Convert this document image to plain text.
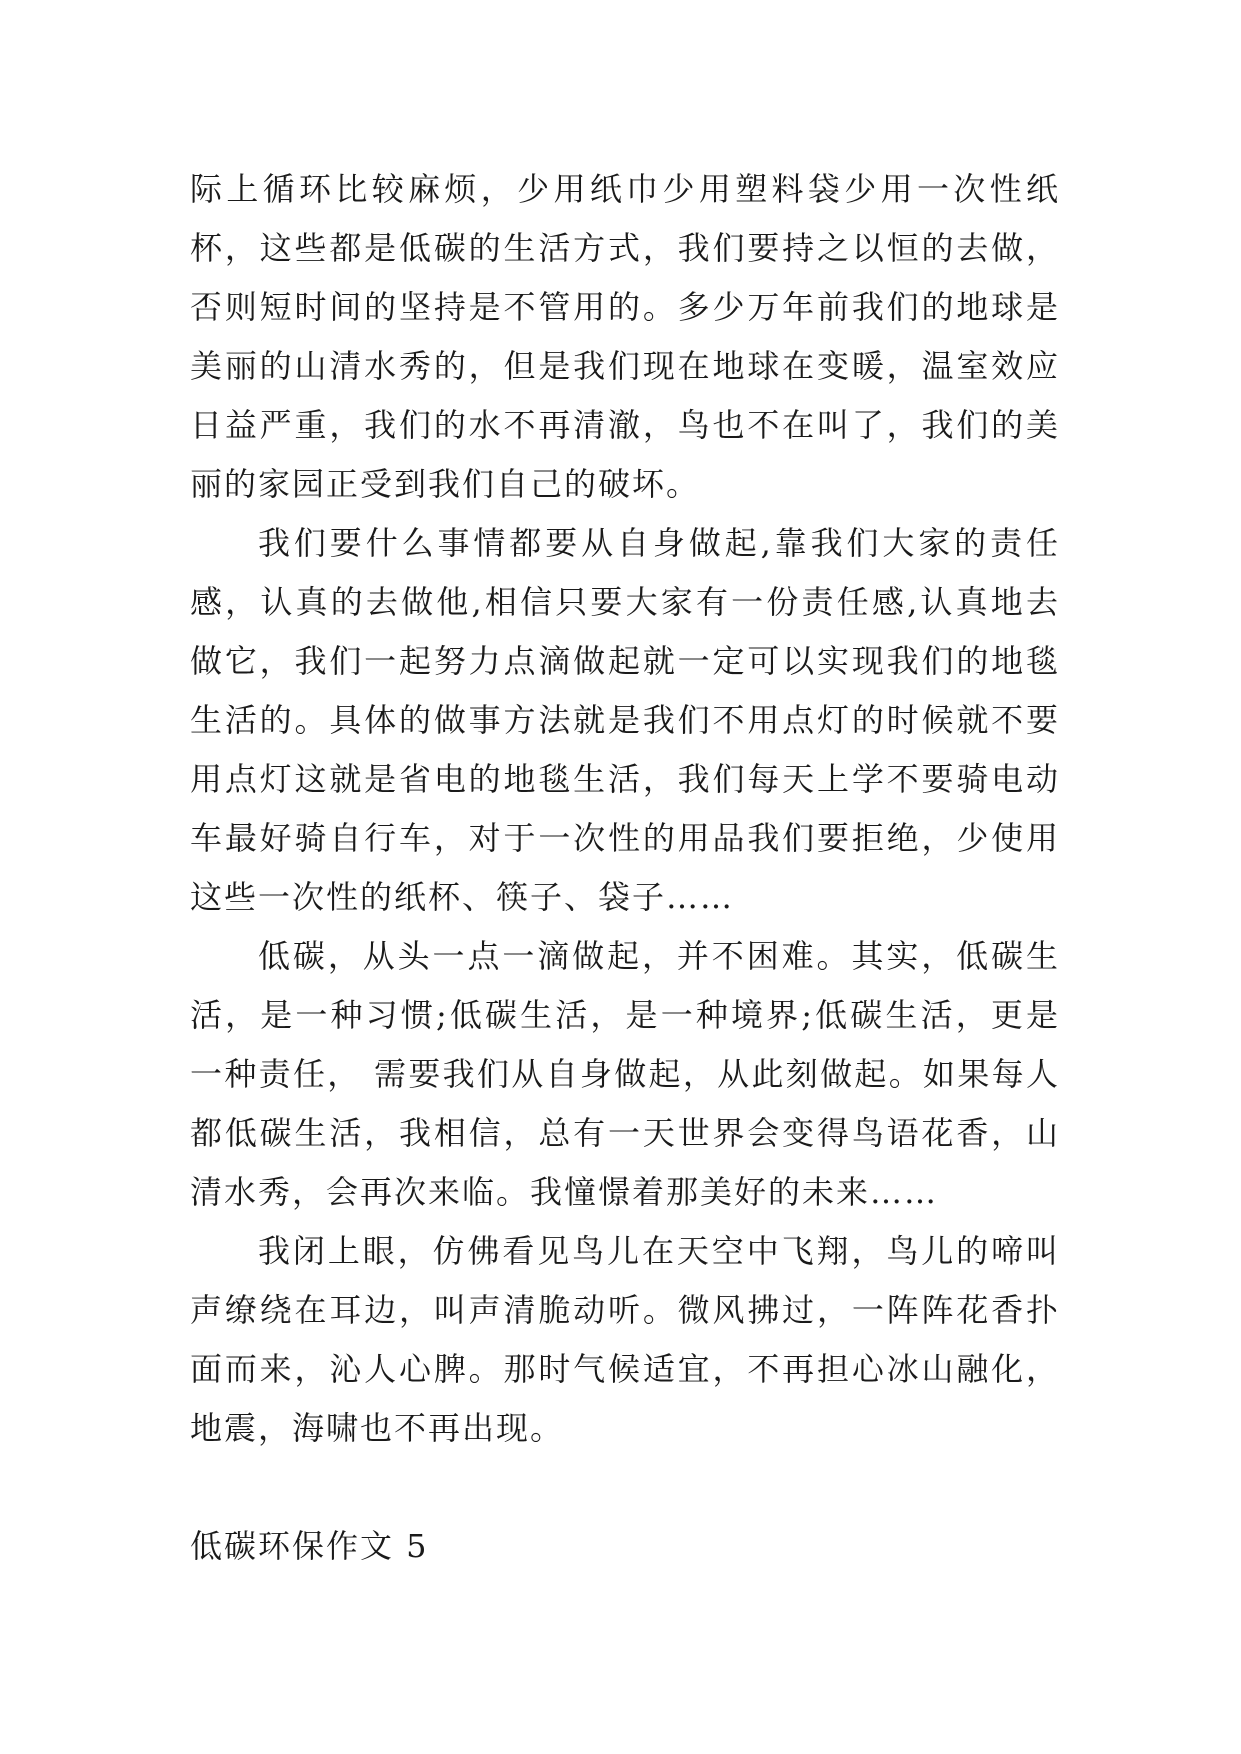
际上循环比较麻烦，少用纸巾少用塑料袋少用一次性纸杯，这些都是低碳的生活方式，我们要持之以恒的去做，否则短时间的坚持是不管用的。多少万年前我们的地球是美丽的山清水秀的，但是我们现在地球在变暖，温室效应日益严重，我们的水不再清澈，鸟也不在叫了，我们的美丽的家园正受到我们自己的破坏。

我们要什么事情都要从自身做起,靠我们大家的责任感，认真的去做他,相信只要大家有一份责任感,认真地去做它，我们一起努力点滴做起就一定可以实现我们的地毯生活的。具体的做事方法就是我们不用点灯的时候就不要用点灯这就是省电的地毯生活，我们每天上学不要骑电动车最好骑自行车，对于一次性的用品我们要拒绝，少使用这些一次性的纸杯、筷子、袋子……

低碳，从头一点一滴做起，并不困难。其实，低碳生活，是一种习惯;低碳生活，是一种境界;低碳生活，更是一种责任， 需要我们从自身做起，从此刻做起。如果每人都低碳生活，我相信，总有一天世界会变得鸟语花香，山清水秀，会再次来临。我憧憬着那美好的未来……

我闭上眼，仿佛看见鸟儿在天空中飞翔，鸟儿的啼叫声缭绕在耳边，叫声清脆动听。微风拂过，一阵阵花香扑面而来，沁人心脾。那时气候适宜，不再担心冰山融化，地震，海啸也不再出现。

低碳环保作文 5
